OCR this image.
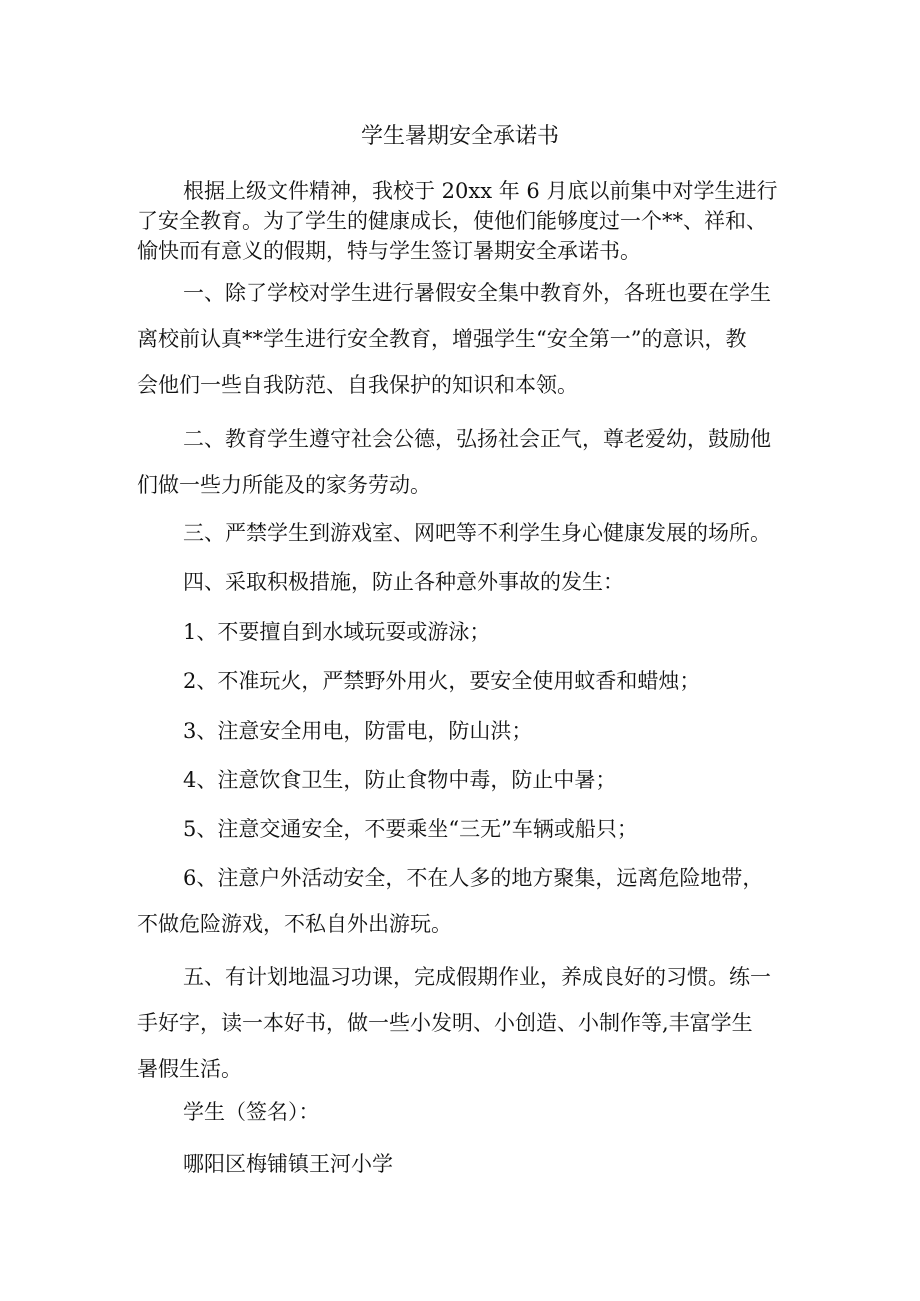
学生暑期安全承诺书

根据上级文件精神，我校于 20xx 年 6 月底以前集中对学生进行
了安全教育。为了学生的健康成长，使他们能够度过一个**、祥和、
愉快而有意义的假期，特与学生签订暑期安全承诺书。

一、除了学校对学生进行暑假安全集中教育外，各班也要在学生
离校前认真**学生进行安全教育，增强学生“安全第一”的意识，教
会他们一些自我防范、自我保护的知识和本领。

二、教育学生遵守社会公德，弘扬社会正气，尊老爱幼，鼓励他
们做一些力所能及的家务劳动。

三、严禁学生到游戏室、网吧等不利学生身心健康发展的场所。

四、采取积极措施，防止各种意外事故的发生：

1、不要擅自到水域玩耍或游泳；

2、不准玩火，严禁野外用火，要安全使用蚊香和蜡烛；

3、注意安全用电，防雷电，防山洪；

4、注意饮食卫生，防止食物中毒，防止中暑；

5、注意交通安全，不要乘坐“三无”车辆或船只；

6、注意户外活动安全，不在人多的地方聚集，远离危险地带，
不做危险游戏，不私自外出游玩。

五、有计划地温习功课，完成假期作业，养成良好的习惯。练一
手好字，读一本好书，做一些小发明、小创造、小制作等,丰富学生
暑假生活。

学生（签名）：

哪阳区梅铺镇王河小学
